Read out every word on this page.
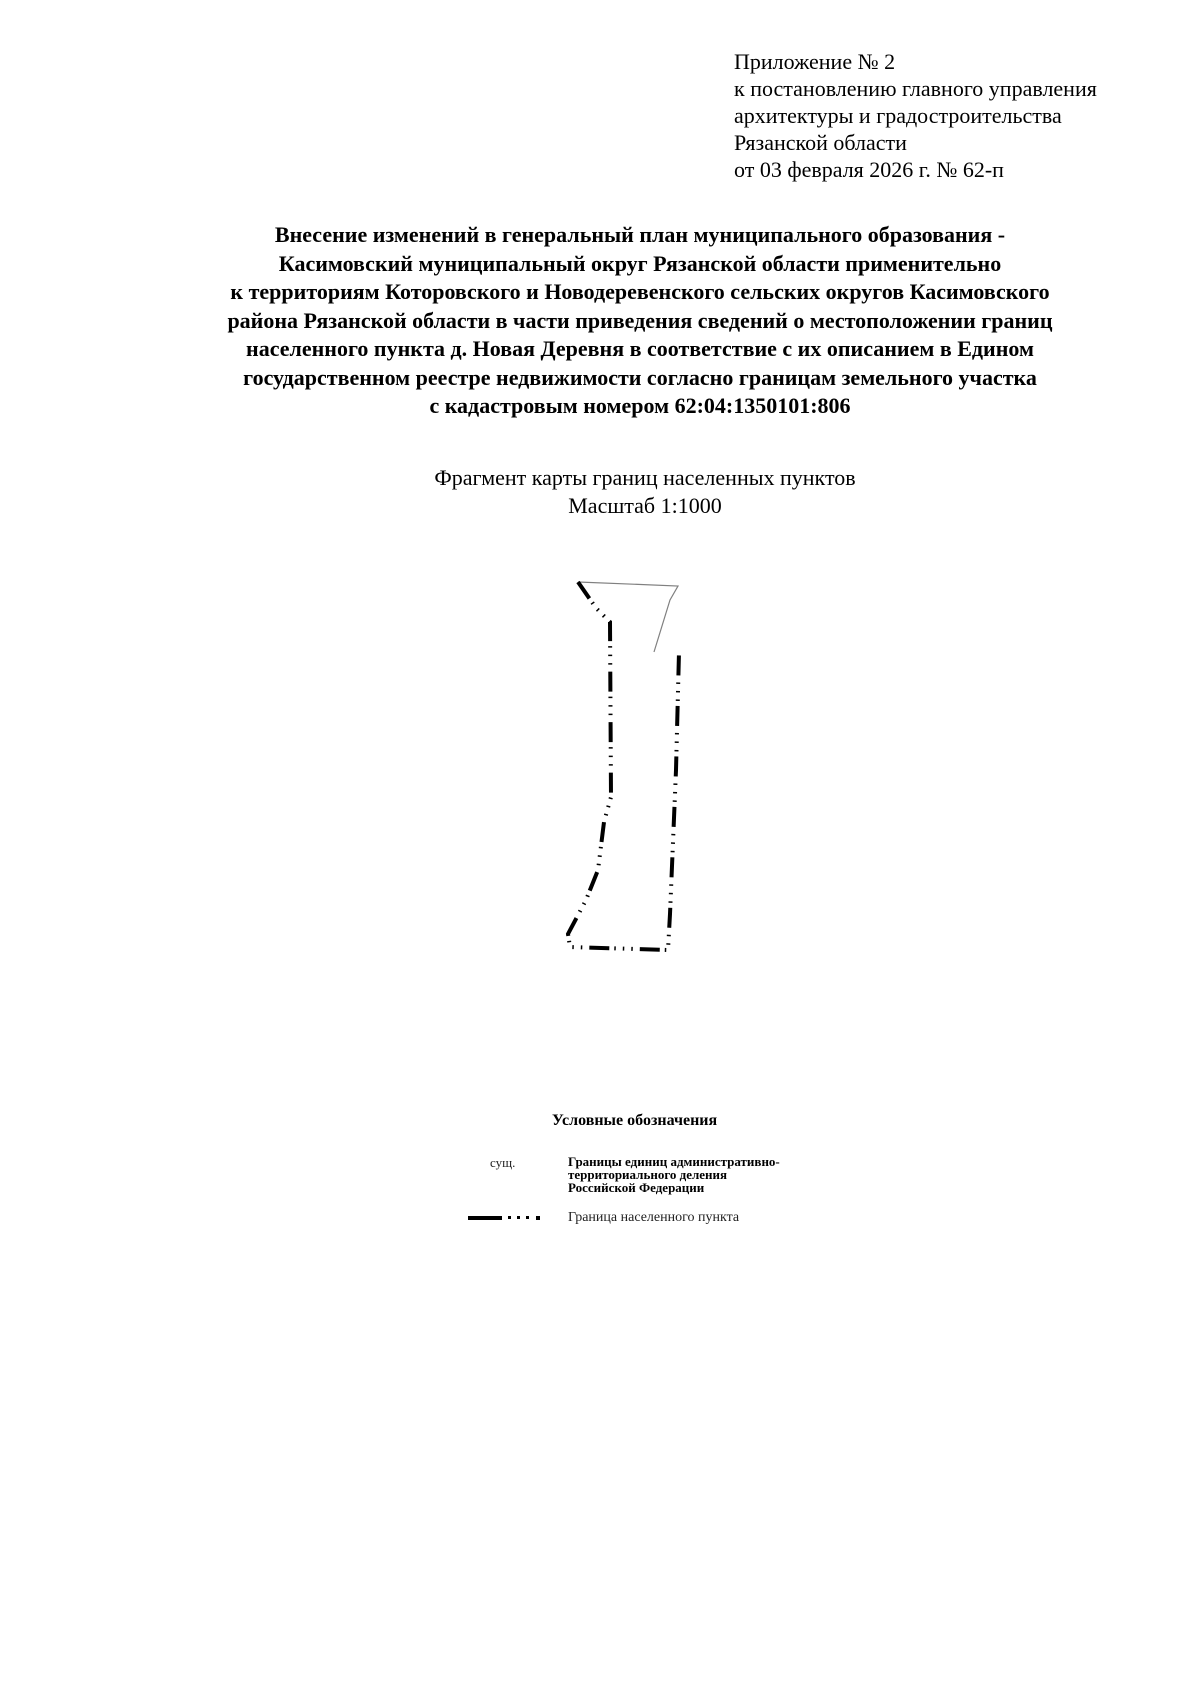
Приложение № 2
к постановлению главного управления
архитектуры и градостроительства
Рязанской области
от 03 февраля 2026 г. № 62-п
Внесение изменений в генеральный план муниципального образования -
Касимовский муниципальный округ Рязанской области применительно
к территориям Которовского и Новодеревенского сельских округов Касимовского
района Рязанской области в части приведения сведений о местоположении границ
населенного пункта д. Новая Деревня в соответствие с их описанием в Едином
государственном реестре недвижимости согласно границам земельного участка
с кадастровым номером 62:04:1350101:806
Фрагмент карты границ населенных пунктов
Масштаб 1:1000
Условные обозначения
сущ.	Границы единиц административно-
территориального деления
Российской Федерации
Граница населенного пункта
